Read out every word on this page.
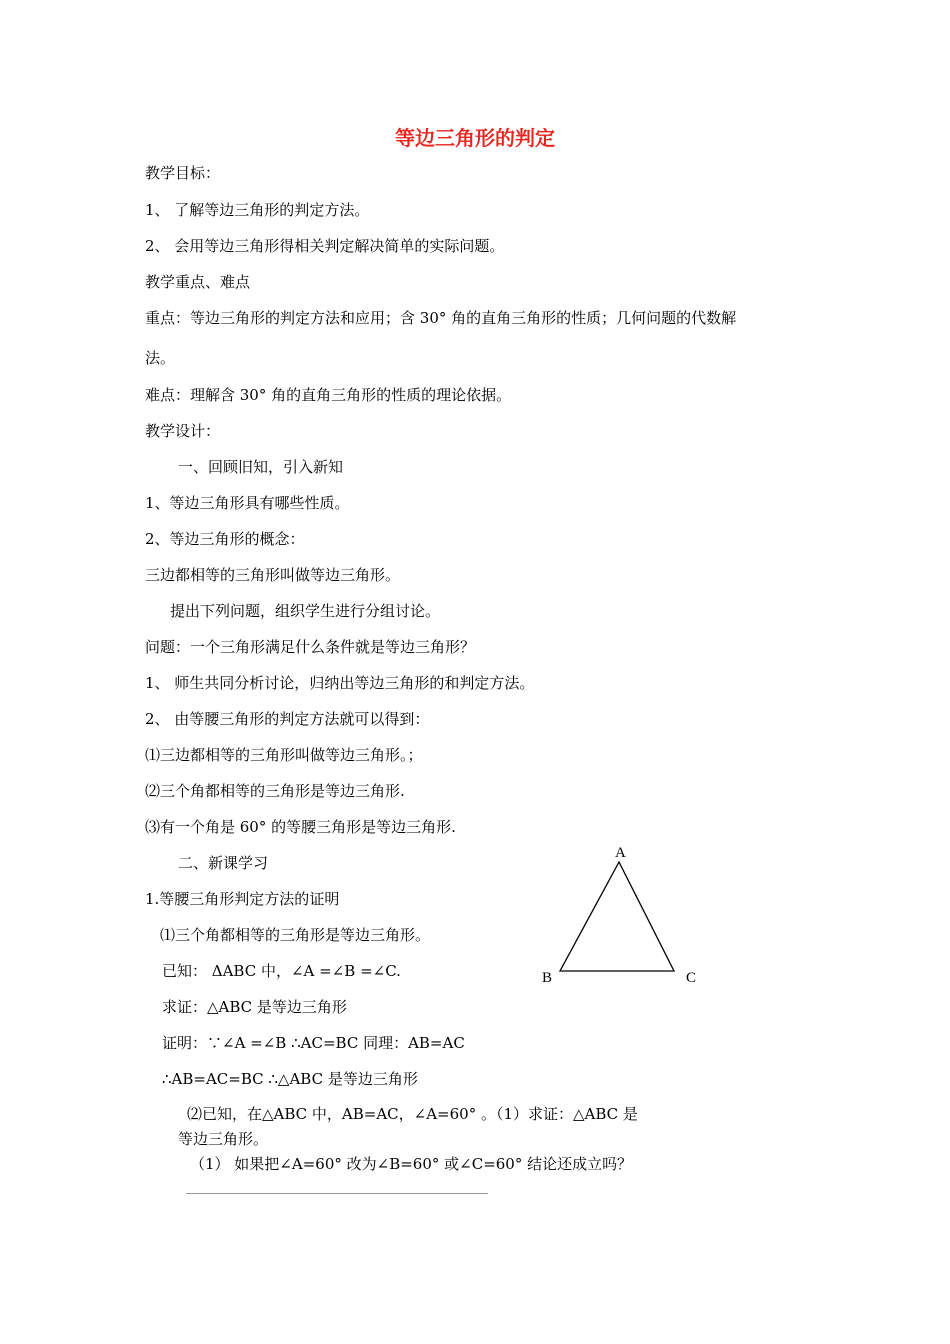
等边三角形的判定
教学目标：
1、 了解等边三角形的判定方法。
2、 会用等边三角形得相关判定解决简单的实际问题。
教学重点、难点
重点：等边三角形的判定方法和应用；含 30° 角的直角三角形的性质；几何问题的代数解
法。
难点：理解含 30° 角的直角三角形的性质的理论依据。
教学设计：
一、回顾旧知，引入新知
1、等边三角形具有哪些性质。
2、等边三角形的概念：
三边都相等的三角形叫做等边三角形。
提出下列问题，组织学生进行分组讨论。
问题：一个三角形满足什么条件就是等边三角形？
1、 师生共同分析讨论，归纳出等边三角形的和判定方法。
2、 由等腰三角形的判定方法就可以得到：
⑴三边都相等的三角形叫做等边三角形。；
⑵三个角都相等的三角形是等边三角形.
⑶有一个角是 60° 的等腰三角形是等边三角形.
二、新课学习
1.等腰三角形判定方法的证明
⑴三个角都相等的三角形是等边三角形。
已知： ΔABC 中，∠A =∠B =∠C.
求证：△ABC 是等边三角形
证明：∵∠A =∠B ∴AC=BC 同理：AB=AC
∴AB=AC=BC ∴△ABC 是等边三角形
⑵已知，在△ABC 中，AB=AC，∠A=60° 。（1）求证：△ABC 是
等边三角形。
（1） 如果把∠A=60° 改为∠B=60° 或∠C=60° 结论还成立吗？
A
B	C
